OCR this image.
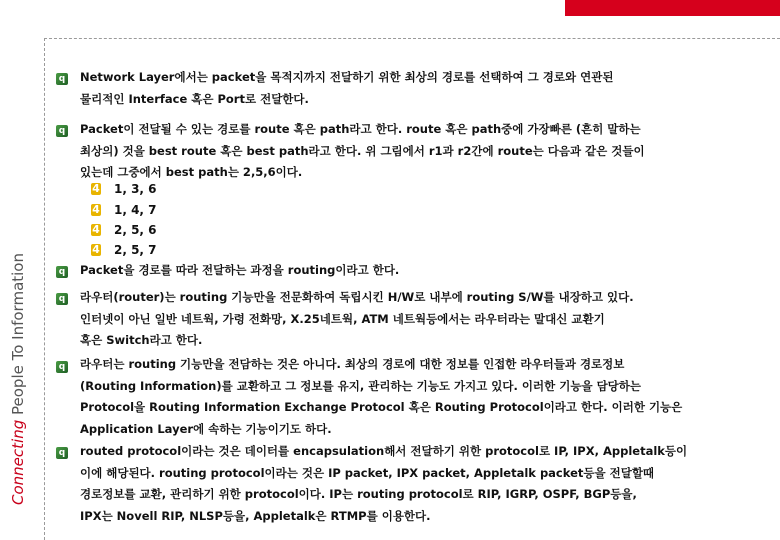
Connecting People To Information
q Network Layer에서는 packet을 목적지까지 전달하기 위한 최상의 경로를 선택하여 그 경로와 연관된
물리적인 Interface 혹은 Port로 전달한다.
q Packet이 전달될 수 있는 경로를 route 혹은 path라고 한다. route 혹은 path중에 가장빠른 (흔히 말하는
최상의) 것을 best route 혹은 best path라고 한다. 위 그림에서 r1과 r2간에 route는 다음과 같은 것들이
있는데 그중에서 best path는 2,5,6이다.
4 1, 3, 6
4 1, 4, 7
4 2, 5, 6
4 2, 5, 7
q Packet을 경로를 따라 전달하는 과정을 routing이라고 한다.
q 라우터(router)는 routing 기능만을 전문화하여 독립시킨 H/W로 내부에 routing S/W를 내장하고 있다.
인터넷이 아닌 일반 네트웍, 가령 전화망, X.25네트웍, ATM 네트웍등에서는 라우터라는 말대신 교환기
혹은 Switch라고 한다.
q 라우터는 routing 기능만을 전담하는 것은 아니다. 최상의 경로에 대한 정보를 인접한 라우터들과 경로정보
(Routing Information)를 교환하고 그 정보를 유지, 관리하는 기능도 가지고 있다. 이러한 기능을 담당하는
Protocol을 Routing Information Exchange Protocol 혹은 Routing Protocol이라고 한다. 이러한 기능은
Application Layer에 속하는 기능이기도 하다.
q routed protocol이라는 것은 데이터를 encapsulation해서 전달하기 위한 protocol로 IP, IPX, Appletalk등이
이에 해당된다. routing protocol이라는 것은 IP packet, IPX packet, Appletalk packet등을 전달할때
경로정보를 교환, 관리하기 위한 protocol이다. IP는 routing protocol로 RIP, IGRP, OSPF, BGP등을,
IPX는 Novell RIP, NLSP등을, Appletalk은 RTMP를 이용한다.
